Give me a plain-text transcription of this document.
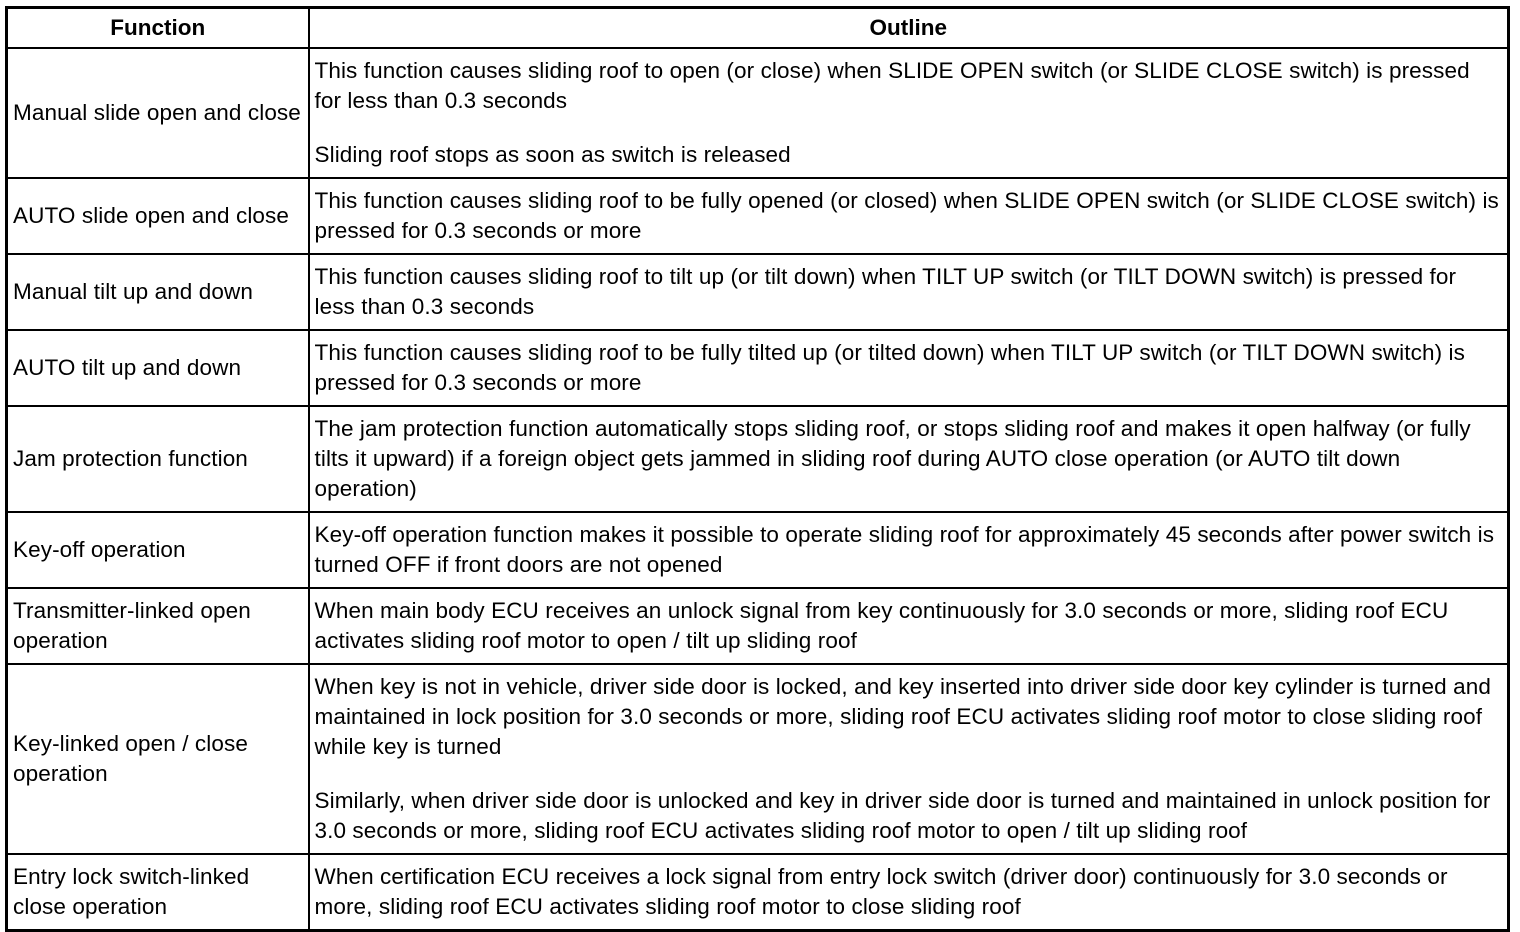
Function	Outline
Manual slide open and close	This function causes sliding roof to open (or close) when SLIDE OPEN switch (or SLIDE CLOSE switch) is pressed for less than 0.3 seconds

Sliding roof stops as soon as switch is released

AUTO slide open and close	This function causes sliding roof to be fully opened (or closed) when SLIDE OPEN switch (or SLIDE CLOSE switch) is pressed for 0.3 seconds or more

Manual tilt up and down	This function causes sliding roof to tilt up (or tilt down) when TILT UP switch (or TILT DOWN switch) is pressed for less than 0.3 seconds

AUTO tilt up and down	This function causes sliding roof to be fully tilted up (or tilted down) when TILT UP switch (or TILT DOWN switch) is pressed for 0.3 seconds or more

Jam protection function	The jam protection function automatically stops sliding roof, or stops sliding roof and makes it open halfway (or fully tilts it upward) if a foreign object gets jammed in sliding roof during AUTO close operation (or AUTO tilt down operation)

Key-off operation	Key-off operation function makes it possible to operate sliding roof for approximately 45 seconds after power switch is turned OFF if front doors are not opened

Transmitter-linked open operation	When main body ECU receives an unlock signal from key continuously for 3.0 seconds or more, sliding roof ECU activates sliding roof motor to open / tilt up sliding roof

Key-linked open / close operation	When key is not in vehicle, driver side door is locked, and key inserted into driver side door key cylinder is turned and maintained in lock position for 3.0 seconds or more, sliding roof ECU activates sliding roof motor to close sliding roof while key is turned

Similarly, when driver side door is unlocked and key in driver side door is turned and maintained in unlock position for 3.0 seconds or more, sliding roof ECU activates sliding roof motor to open / tilt up sliding roof

Entry lock switch-linked close operation	When certification ECU receives a lock signal from entry lock switch (driver door) continuously for 3.0 seconds or more, sliding roof ECU activates sliding roof motor to close sliding roof
